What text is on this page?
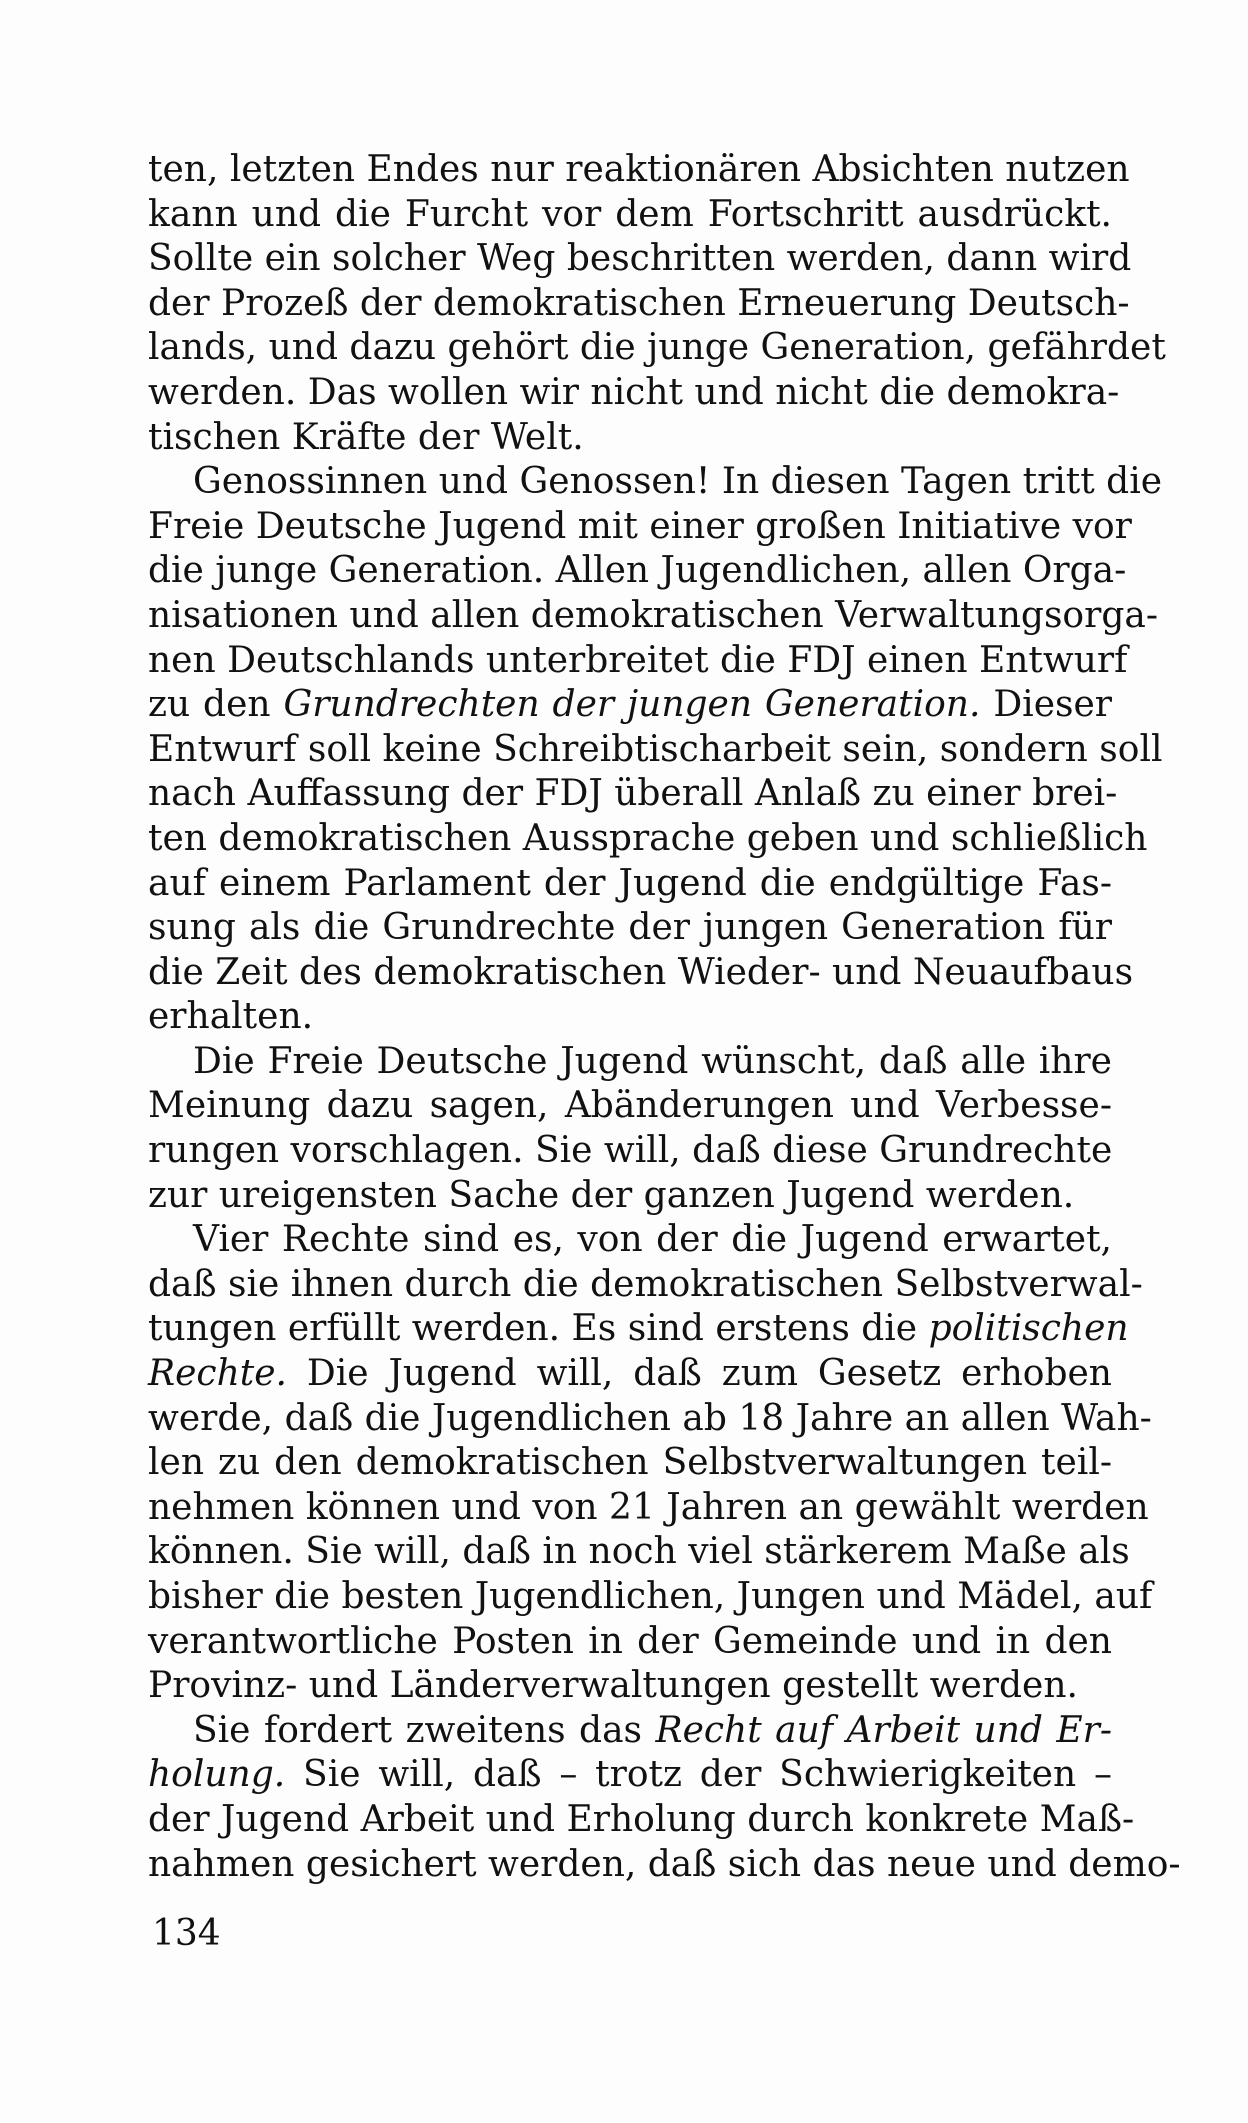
ten, letzten Endes nur reaktionären Absichten nutzen
kann und die Furcht vor dem Fortschritt ausdrückt.
Sollte ein solcher Weg beschritten werden, dann wird
der Prozeß der demokratischen Erneuerung Deutsch-
lands, und dazu gehört die junge Generation, gefährdet
werden. Das wollen wir nicht und nicht die demokra-
tischen Kräfte der Welt.
Genossinnen und Genossen! In diesen Tagen tritt die
Freie Deutsche Jugend mit einer großen Initiative vor
die junge Generation. Allen Jugendlichen, allen Orga-
nisationen und allen demokratischen Verwaltungsorga-
nen Deutschlands unterbreitet die FDJ einen Entwurf
zu den Grundrechten der jungen Generation. Dieser
Entwurf soll keine Schreibtischarbeit sein, sondern soll
nach Auffassung der FDJ überall Anlaß zu einer brei-
ten demokratischen Aussprache geben und schließlich
auf einem Parlament der Jugend die endgültige Fas-
sung als die Grundrechte der jungen Generation für
die Zeit des demokratischen Wieder- und Neuaufbaus
erhalten.
Die Freie Deutsche Jugend wünscht, daß alle ihre
Meinung dazu sagen, Abänderungen und Verbesse-
rungen vorschlagen. Sie will, daß diese Grundrechte
zur ureigensten Sache der ganzen Jugend werden.
Vier Rechte sind es, von der die Jugend erwartet,
daß sie ihnen durch die demokratischen Selbstverwal-
tungen erfüllt werden. Es sind erstens die politischen
Rechte. Die Jugend will, daß zum Gesetz erhoben
werde, daß die Jugendlichen ab 18 Jahre an allen Wah-
len zu den demokratischen Selbstverwaltungen teil-
nehmen können und von 21 Jahren an gewählt werden
können. Sie will, daß in noch viel stärkerem Maße als
bisher die besten Jugendlichen, Jungen und Mädel, auf
verantwortliche Posten in der Gemeinde und in den
Provinz- und Länderverwaltungen gestellt werden.
Sie fordert zweitens das Recht auf Arbeit und Er-
holung. Sie will, daß – trotz der Schwierigkeiten –
der Jugend Arbeit und Erholung durch konkrete Maß-
nahmen gesichert werden, daß sich das neue und demo-
134
